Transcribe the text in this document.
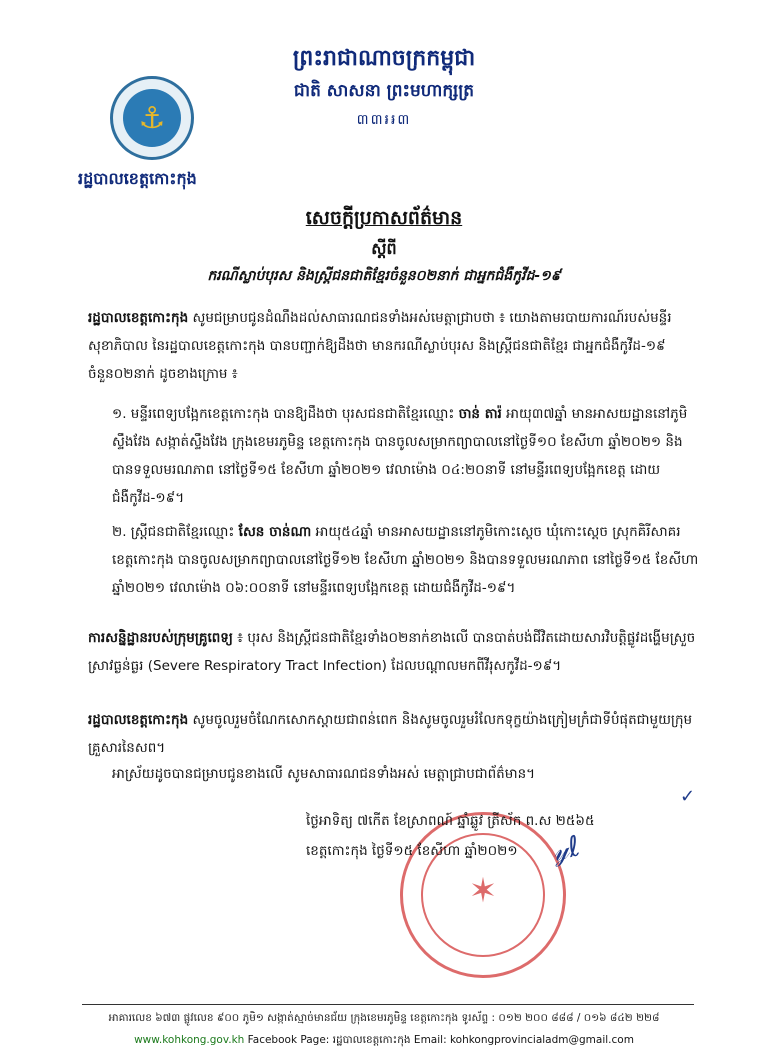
ព្រះរាជាណាចក្រកម្ពុជា
ជាតិ សាសនា ព្រះមហាក្សត្រ
៣៣៛៛៣
⚓
រដ្ឋបាលខេត្តកោះកុង
សេចក្តីប្រកាសព័ត៌មាន
ស្តីពី
ករណីស្លាប់បុរស និងស្ត្រីជនជាតិខ្មែរចំនួន០២នាក់ ជាអ្នកជំងឺកូវីដ-១៩
រដ្ឋបាលខេត្តកោះកុង សូមជម្រាបជូនដំណឹងដល់សាធារណជនទាំងអស់មេត្តាជ្រាបថា ៖ យោងតាមរបាយការណ៍របស់មន្ទីរសុខាភិបាល នៃរដ្ឋបាលខេត្តកោះកុង បានបញ្ជាក់ឱ្យដឹងថា មានករណីស្លាប់បុរស និងស្ត្រីជនជាតិខ្មែរ ជាអ្នកជំងឺកូវីដ-១៩ ចំនួន០២នាក់ ដូចខាងក្រោម ៖
១. មន្ទីរពេទ្យបង្អែកខេត្តកោះកុង បានឱ្យដឹងថា បុរសជនជាតិខ្មែរឈ្មោះ ចាន់ តារ៉ អាយុ៣៧ឆ្នាំ មានអាសយដ្ឋាននៅភូមិស្ទឹងវែង សង្កាត់ស្ទឹងវែង ក្រុងខេមរភូមិន្ទ ខេត្តកោះកុង បានចូលសម្រាកព្យាបាលនៅថ្ងៃទី១០ ខែសីហា ឆ្នាំ២០២១ និងបានទទួលមរណភាព នៅថ្ងៃទី១៥ ខែសីហា ឆ្នាំ២០២១ វេលាម៉ោង ០៤:២០នាទី នៅមន្ទីរពេទ្យបង្អែកខេត្ត ដោយជំងឺកូវីដ-១៩។
២. ស្ត្រីជនជាតិខ្មែរឈ្មោះ សែន ចាន់ណា អាយុ៥៤ឆ្នាំ មានអាសយដ្ឋាននៅភូមិកោះស្តេច ឃុំកោះស្តេច ស្រុកគិរីសាគរ ខេត្តកោះកុង បានចូលសម្រាកព្យាបាលនៅថ្ងៃទី១២ ខែសីហា ឆ្នាំ២០២១ និងបានទទួលមរណភាព នៅថ្ងៃទី១៥ ខែសីហា ឆ្នាំ២០២១ វេលាម៉ោង ០៦:០០នាទី នៅមន្ទីរពេទ្យបង្អែកខេត្ត ដោយជំងឺកូវីដ-១៩។
ការសន្និដ្ឋានរបស់ក្រុមគ្រូពេទ្យ ៖ បុរស និងស្ត្រីជនជាតិខ្មែរទាំង០២នាក់ខាងលើ បានបាត់បង់ជីវិតដោយសារវិបត្តិផ្លូវដង្ហើមស្រួចស្រាវធ្ងន់ធ្ងរ (Severe Respiratory Tract Infection) ដែលបណ្តាលមកពីវីរុសកូវីដ-១៩។
រដ្ឋបាលខេត្តកោះកុង សូមចូលរួមចំណែកសោកស្តាយជាពន់ពេក និងសូមចូលរួមរំលែកទុក្ខយ៉ាងក្រៀមក្រំជាទីបំផុតជាមួយក្រុមគ្រួសារនៃសព។
អាស្រ័យដូចបានជម្រាបជូនខាងលើ សូមសាធារណជនទាំងអស់ មេត្តាជ្រាបជាព័ត៌មាន។
✶
ថ្ងៃអាទិត្យ ៧កើត ខែស្រាពណ៍ ឆ្នាំឆ្លូវ ត្រីស័ក ព.ស ២៥៦៥
ខេត្តកោះកុង ថ្ងៃទី១៥ ខែសីហា ឆ្នាំ២០២១ 𝓎ℓ
✓
អាគារលេខ ៦៧៣ ផ្លូវលេខ ៩០០ ភូមិ១ សង្កាត់ស្មាច់មានជ័យ ក្រុងខេមរភូមិន្ទ ខេត្តកោះកុង ទូរស័ព្ទ : ០១២ ២០០ ៨៨៨ / ០១៦ ៨៤២ ២២៨
www.kohkong.gov.kh Facebook Page: រដ្ឋបាលខេត្តកោះកុង Email: kohkongprovincialadm@gmail.com
